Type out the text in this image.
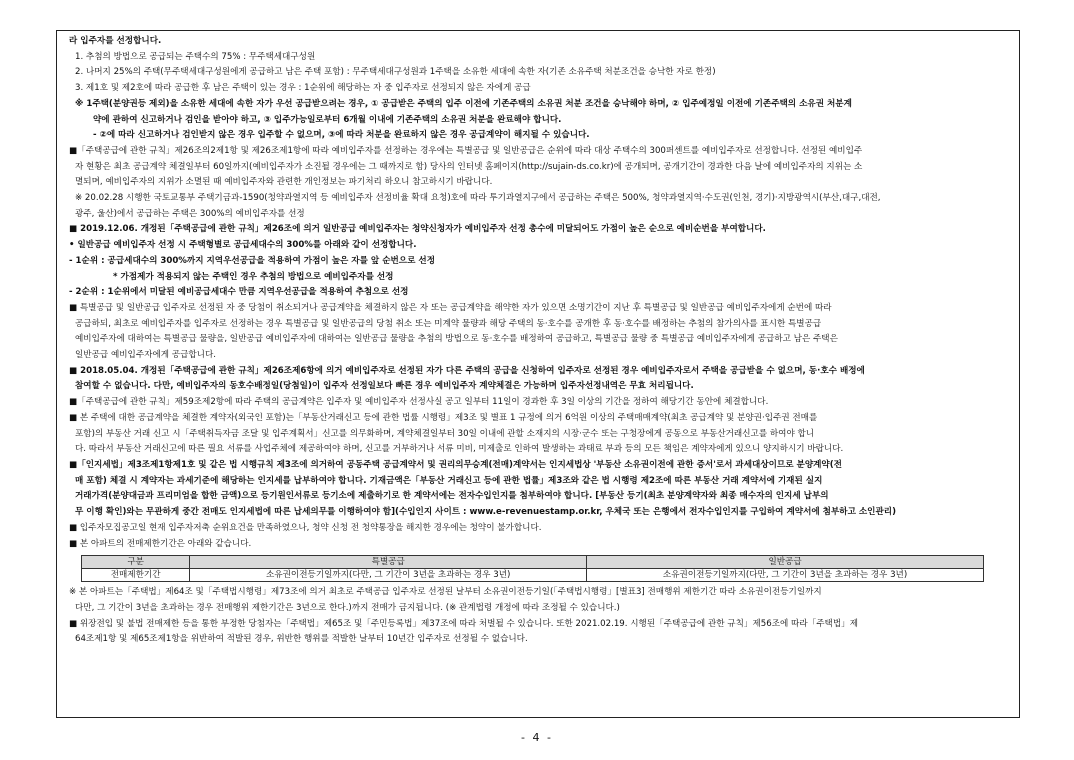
라 입주자를 선정합니다.
1. 추첨의 방법으로 공급되는 주택수의 75% : 무주택세대구성원
2. 나머지 25%의 주택(무주택세대구성원에게 공급하고 남은 주택 포함) : 무주택세대구성원과 1주택을 소유한 세대에 속한 자(기존 소유주택 처분조건을 승낙한 자로 한정)
3. 제1호 및 제2호에 따라 공급한 후 남은 주택이 있는 경우 : 1순위에 해당하는 자 중 입주자로 선정되지 않은 자에게 공급
※ 1주택(분양권등 제외)을 소유한 세대에 속한 자가 우선 공급받으려는 경우, ① 공급받은 주택의 입주 이전에 기존주택의 소유권 처분 조건을 승낙해야 하며, ② 입주예정일 이전에 기존주택의 소유권 처분계
약에 관하여 신고하거나 검인을 받아야 하고, ③ 입주가능일로부터 6개월 이내에 기존주택의 소유권 처분을 완료해야 합니다.
- ②에 따라 신고하거나 검인받지 않은 경우 입주할 수 없으며, ③에 따라 처분을 완료하지 않은 경우 공급계약이 해지될 수 있습니다.
■「주택공급에 관한 규칙」제26조의2제1항 및 제26조제1항에 따라 예비입주자를 선정하는 경우에는 특별공급 및 일반공급은 순위에 따라 대상 주택수의 300퍼센트를 예비입주자로 선정합니다. 선정된 예비입주
자 현황은 최초 공급계약 체결일부터 60일까지(예비입주자가 소진될 경우에는 그 때까지로 함) 당사의 인터넷 홈페이지(http://sujain-ds.co.kr)에 공개되며, 공개기간이 경과한 다음 날에 예비입주자의 지위는 소
멸되며, 예비입주자의 지위가 소멸된 때 예비입주자와 관련한 개인정보는 파기처리 하오니 참고하시기 바랍니다.
※ 20.02.28 시행한 국토교통부 주택기금과-1590(청약과열지역 등 예비입주자 선정비율 확대 요청)호에 따라 투기과열지구에서 공급하는 주택은 500%, 청약과열지역·수도권(인천, 경기)·지방광역시(부산,대구,대전,
광주, 울산)에서 공급하는 주택은 300%의 예비입주자를 선정
■ 2019.12.06. 개정된「주택공급에 관한 규칙」제26조에 의거 일반공급 예비입주자는 청약신청자가 예비입주자 선정 총수에 미달되어도 가점이 높은 순으로 예비순번을 부여합니다.
• 일반공급 예비입주자 선정 시 주택형별로 공급세대수의 300%를 아래와 같이 선정합니다.
- 1순위 : 공급세대수의 300%까지 지역우선공급을 적용하여 가점이 높은 자를 앞 순번으로 선정
* 가점제가 적용되지 않는 주택인 경우 추첨의 방법으로 예비입주자를 선정
- 2순위 : 1순위에서 미달된 예비공급세대수 만큼 지역우선공급을 적용하여 추첨으로 선정
■ 특별공급 및 일반공급 입주자로 선정된 자 중 당첨이 취소되거나 공급계약을 체결하지 않은 자 또는 공급계약을 해약한 자가 있으면 소명기간이 지난 후 특별공급 및 일반공급 예비입주자에게 순번에 따라
공급하되, 최초로 예비입주자를 입주자로 선정하는 경우 특별공급 및 일반공급의 당첨 취소 또는 미계약 물량과 해당 주택의 동·호수를 공개한 후 동·호수를 배정하는 추첨의 참가의사를 표시한 특별공급
예비입주자에 대하여는 특별공급 물량을, 일반공급 예비입주자에 대하여는 일반공급 물량을 추첨의 방법으로 동·호수를 배정하여 공급하고, 특별공급 물량 중 특별공급 예비입주자에게 공급하고 남은 주택은
일반공급 예비입주자에게 공급합니다.
■ 2018.05.04. 개정된「주택공급에 관한 규칙」제26조제6항에 의거 예비입주자로 선정된 자가 다른 주택의 공급을 신청하여 입주자로 선정된 경우 예비입주자로서 주택을 공급받을 수 없으며, 동·호수 배정에
참여할 수 없습니다. 다만, 예비입주자의 동호수배정일(당첨일)이 입주자 선정일보다 빠른 경우 예비입주자 계약체결은 가능하며 입주자선정내역은 무효 처리됩니다.
■「주택공급에 관한 규칙」제59조제2항에 따라 주택의 공급계약은 입주자 및 예비입주자 선정사실 공고 일부터 11일이 경과한 후 3일 이상의 기간을 정하여 해당기간 동안에 체결합니다.
■ 본 주택에 대한 공급계약을 체결한 계약자(외국인 포함)는「부동산거래신고 등에 관한 법률 시행령」제3조 및 별표 1 규정에 의거 6억원 이상의 주택매매계약(최초 공급계약 및 분양권·입주권 전매를
포함)의 부동산 거래 신고 시「주택취득자금 조달 및 입주계획서」신고를 의무화하며, 계약체결일부터 30일 이내에 관할 소재지의 시장·군수 또는 구청장에게 공동으로 부동산거래신고를 하여야 합니
다. 따라서 부동산 거래신고에 따른 필요 서류를 사업주체에 제공하여야 하며, 신고를 거부하거나 서류 미비, 미제출로 인하여 발생하는 과태료 부과 등의 모든 책임은 계약자에게 있으니 양지하시기 바랍니다.
■「인지세법」제3조제1항제1호 및 같은 법 시행규칙 제3조에 의거하여 공동주택 공급계약서 및 권리의무승계(전매)계약서는 인지세법상 '부동산 소유권이전에 관한 증서'로서 과세대상이므로 분양계약(전
매 포함) 체결 시 계약자는 과세기준에 해당하는 인지세를 납부하여야 합니다. 기재금액은「부동산 거래신고 등에 관한 법률」제3조와 같은 법 시행령 제2조에 따른 부동산 거래 계약서에 기재된 실지
거래가격(분양대금과 프리미엄을 합한 금액)으로 등기원인서류로 등기소에 제출하기로 한 계약서에는 전자수입인지를 첨부하여야 합니다. [부동산 등기(최초 분양계약자와 최종 매수자의 인지세 납부의
무 이행 확인)와는 무관하게 중간 전매도 인지세법에 따른 납세의무를 이행하여야 함](수입인지 사이트 : www.e-revenuestamp.or.kr, 우체국 또는 은행에서 전자수입인지를 구입하여 계약서에 첨부하고 소인관리)
■ 입주자모집공고일 현재 입주자저축 순위요건을 만족하였으나, 청약 신청 전 청약통장을 해지한 경우에는 청약이 불가합니다.
■ 본 아파트의 전매제한기간은 아래와 같습니다.
구분	특별공급	일반공급
전매제한기간	소유권이전등기일까지(다만, 그 기간이 3년을 초과하는 경우 3년)	소유권이전등기일까지(다만, 그 기간이 3년을 초과하는 경우 3년)
※ 본 아파트는「주택법」제64조 및「주택법시행령」제73조에 의거 최초로 주택공급 입주자로 선정된 날부터 소유권이전등기일(「주택법시행령」[별표3] 전매행위 제한기간 따라 소유권이전등기일까지
다만, 그 기간이 3년을 초과하는 경우 전매행위 제한기간은 3년으로 한다.)까지 전매가 금지됩니다. (※ 관계법령 개정에 따라 조정될 수 있습니다.)
■ 위장전입 및 불법 전매제한 등을 통한 부정한 당첨자는「주택법」제65조 및「주민등록법」제37조에 따라 처벌될 수 있습니다. 또한 2021.02.19. 시행된「주택공급에 관한 규칙」제56조에 따라「주택법」제
64조제1항 및 제65조제1항을 위반하여 적발된 경우, 위반한 행위를 적발한 날부터 10년간 입주자로 선정될 수 없습니다.
- 4 -
